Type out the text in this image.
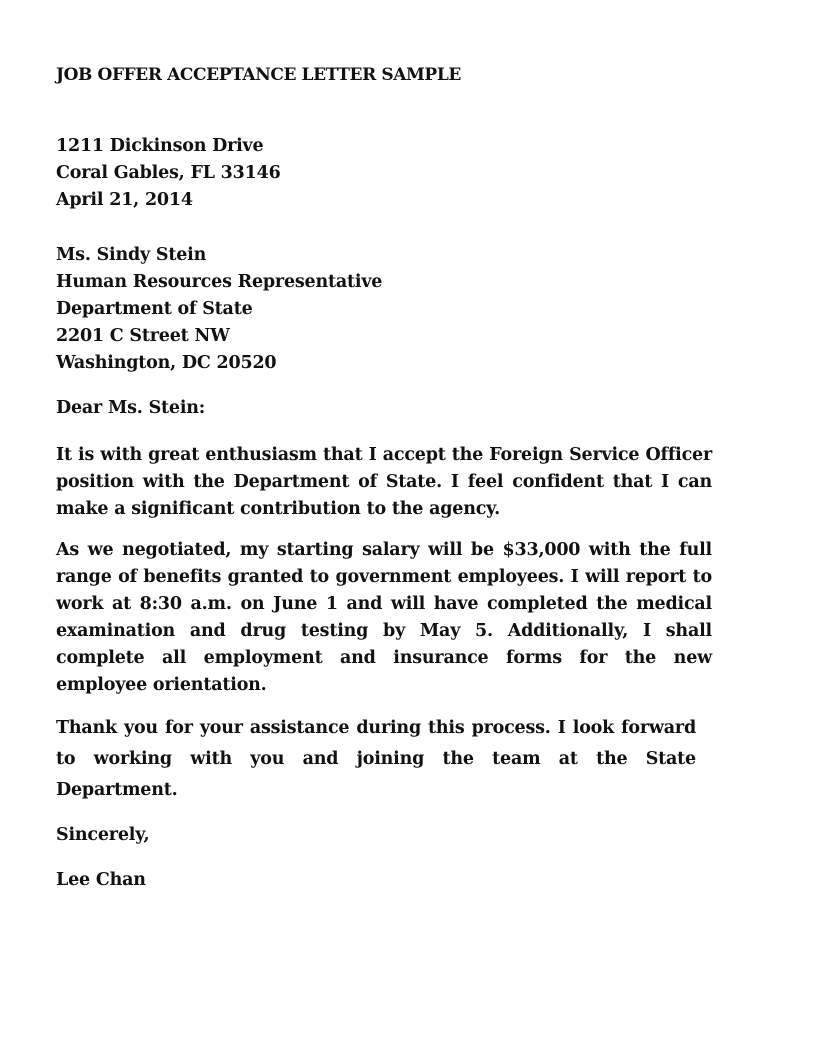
JOB OFFER ACCEPTANCE LETTER SAMPLE

1211 Dickinson Drive
Coral Gables, FL 33146
April 21, 2014
Ms. Sindy Stein
Human Resources Representative
Department of State
2201 C Street NW
Washington, DC 20520

Dear Ms. Stein:

It is with great enthusiasm that I accept the Foreign Service Officer position with the Department of State. I feel confident that I can make a significant contribution to the agency.

As we negotiated, my starting salary will be $33,000 with the full range of benefits granted to government employees. I will report to work at 8:30 a.m. on June 1 and will have completed the medical examination and drug testing by May 5. Additionally, I shall complete all employment and insurance forms for the new employee orientation.

Thank you for your assistance during this process. I look forward to working with you and joining the team at the State Department.

Sincerely,

Lee Chan
